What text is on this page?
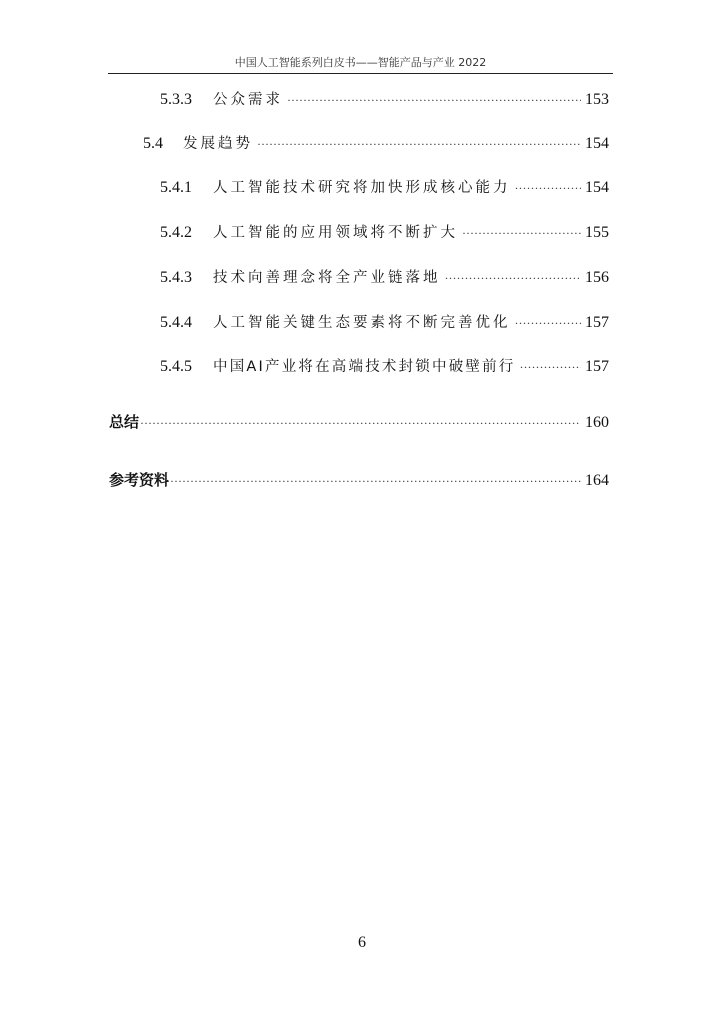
中国人工智能系列白皮书——智能产品与产业 2022
5.3.3	公众需求 ·····	153
5.4	发展趋势 ·····	154
5.4.1	人工智能技术研究将加快形成核心能力 ·····	154
5.4.2	人工智能的应用领域将不断扩大 ·····	155
5.4.3	技术向善理念将全产业链落地 ·····	156
5.4.4	人工智能关键生态要素将不断完善优化 ·····	157
5.4.5	中国AI产业将在高端技术封锁中破壁前行 ·····	157
总结 ·····	160
参考资料 ·····	164
6
